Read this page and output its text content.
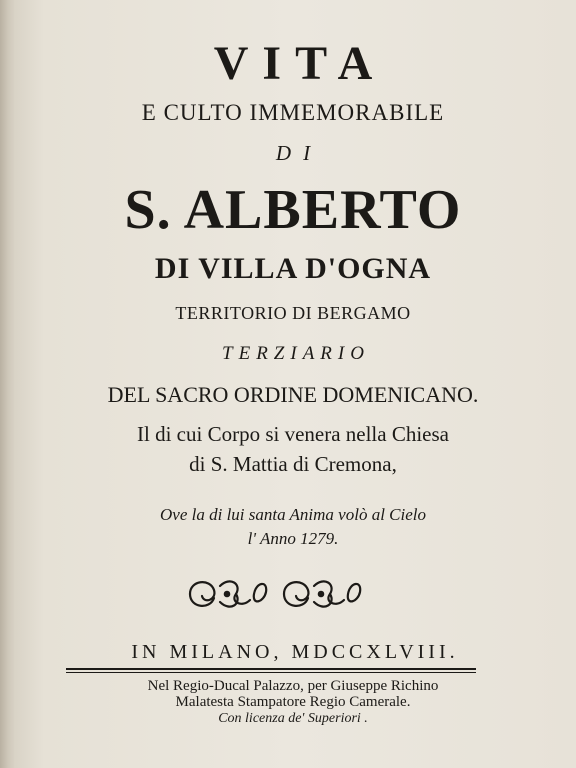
VITA
E CULTO IMMEMORABILE
DI
S. ALBERTO
DI VILLA D'OGNA
TERRITORIO DI BERGAMO
TERZIARIO
DEL SACRO ORDINE DOMENICANO.
Il di cui Corpo si venera nella Chiesa
di S. Mattia di Cremona,
Ove la di lui santa Anima volò al Cielo
l' Anno 1279.
IN MILANO, MDCCXLVIII.
Nel Regio-Ducal Palazzo, per Giuseppe Richino
Malatesta Stampatore Regio Camerale.
Con licenza de' Superiori .
